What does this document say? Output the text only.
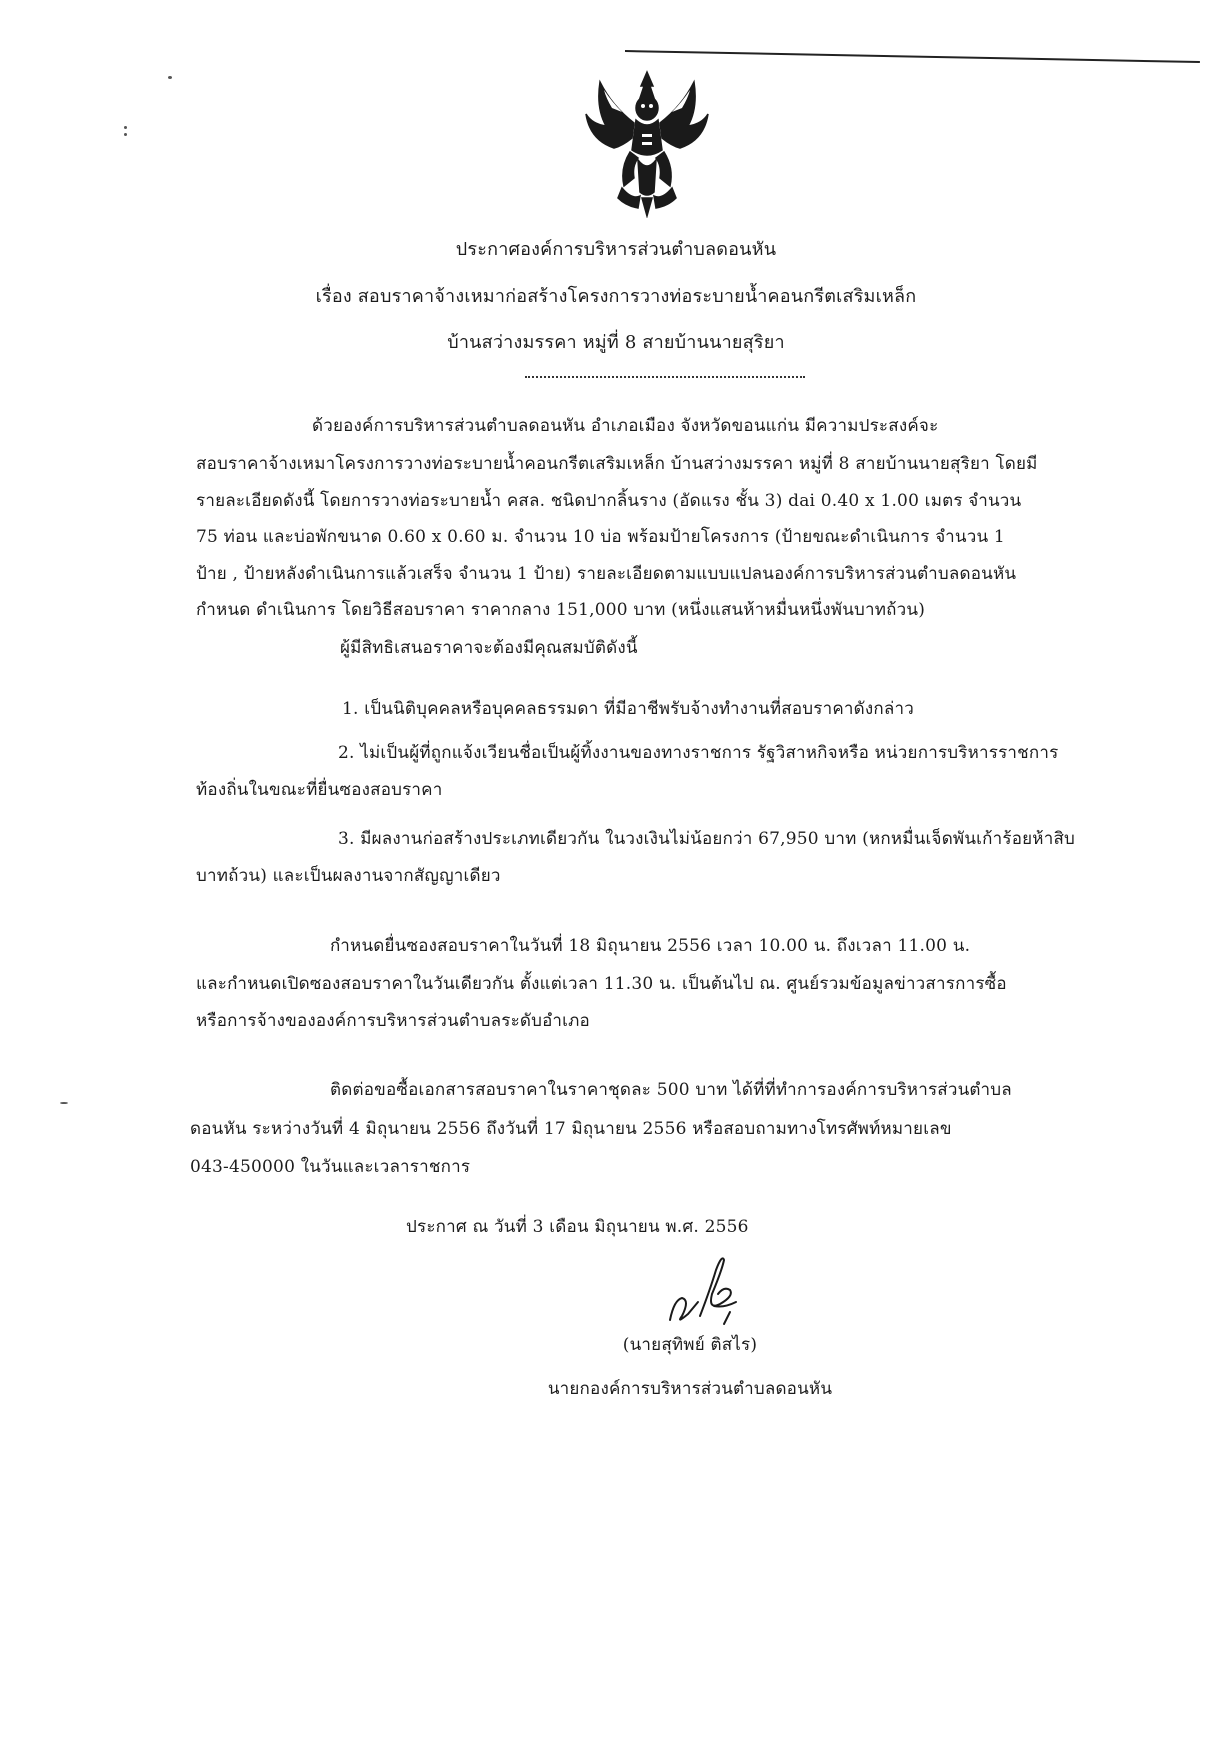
ประกาศองค์การบริหารส่วนตำบลดอนหัน
เรื่อง สอบราคาจ้างเหมาก่อสร้างโครงการวางท่อระบายน้ำคอนกรีตเสริมเหล็ก
บ้านสว่างมรรคา หมู่ที่ 8 สายบ้านนายสุริยา
ด้วยองค์การบริหารส่วนตำบลดอนหัน อำเภอเมือง จังหวัดขอนแก่น มีความประสงค์จะ
สอบราคาจ้างเหมาโครงการวางท่อระบายน้ำคอนกรีตเสริมเหล็ก บ้านสว่างมรรคา หมู่ที่ 8 สายบ้านนายสุริยา โดยมี
รายละเอียดดังนี้ โดยการวางท่อระบายน้ำ คสล. ชนิดปากลิ้นราง (อัดแรง ชั้น 3) dai 0.40 x 1.00 เมตร จำนวน
75 ท่อน และบ่อพักขนาด 0.60 x 0.60 ม. จำนวน 10 บ่อ พร้อมป้ายโครงการ (ป้ายขณะดำเนินการ จำนวน 1
ป้าย , ป้ายหลังดำเนินการแล้วเสร็จ จำนวน 1 ป้าย) รายละเอียดตามแบบแปลนองค์การบริหารส่วนตำบลดอนหัน
กำหนด ดำเนินการ โดยวิธีสอบราคา ราคากลาง 151,000 บาท (หนึ่งแสนห้าหมื่นหนึ่งพันบาทถ้วน)
ผู้มีสิทธิเสนอราคาจะต้องมีคุณสมบัติดังนี้
1. เป็นนิติบุคคลหรือบุคคลธรรมดา ที่มีอาชีพรับจ้างทำงานที่สอบราคาดังกล่าว
2. ไม่เป็นผู้ที่ถูกแจ้งเวียนชื่อเป็นผู้ทิ้งงานของทางราชการ รัฐวิสาหกิจหรือ หน่วยการบริหารราชการ
ท้องถิ่นในขณะที่ยื่นซองสอบราคา
3. มีผลงานก่อสร้างประเภทเดียวกัน ในวงเงินไม่น้อยกว่า 67,950 บาท (หกหมื่นเจ็ดพันเก้าร้อยห้าสิบ
บาทถ้วน) และเป็นผลงานจากสัญญาเดียว
กำหนดยื่นซองสอบราคาในวันที่ 18 มิถุนายน 2556 เวลา 10.00 น. ถึงเวลา 11.00 น.
และกำหนดเปิดซองสอบราคาในวันเดียวกัน ตั้งแต่เวลา 11.30 น. เป็นต้นไป ณ. ศูนย์รวมข้อมูลข่าวสารการซื้อ
หรือการจ้างขององค์การบริหารส่วนตำบลระดับอำเภอ
ติดต่อขอซื้อเอกสารสอบราคาในราคาชุดละ 500 บาท ได้ที่ที่ทำการองค์การบริหารส่วนตำบล
ดอนหัน ระหว่างวันที่ 4 มิถุนายน 2556 ถึงวันที่ 17 มิถุนายน 2556 หรือสอบถามทางโทรศัพท์หมายเลข
043-450000 ในวันและเวลาราชการ
ประกาศ ณ วันที่ 3 เดือน มิถุนายน พ.ศ. 2556
(นายสุทิพย์ ติสไร)
นายกองค์การบริหารส่วนตำบลดอนหัน
